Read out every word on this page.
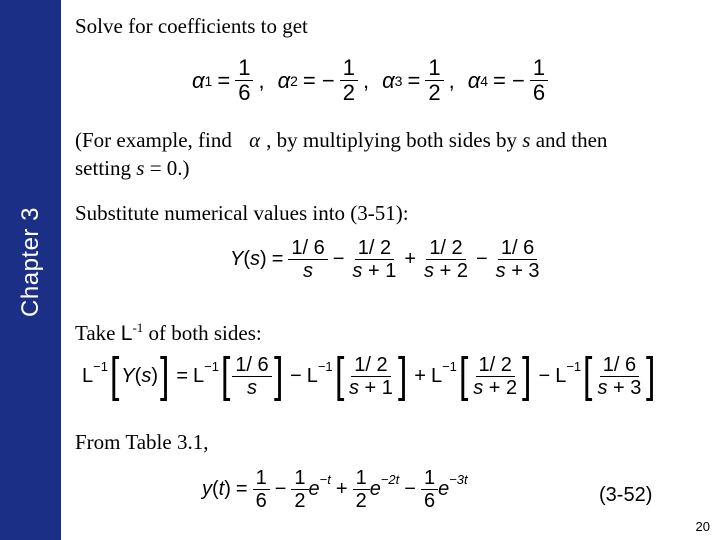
Chapter 3
Solve for coefficients to get
α $1 = \frac{1}{6}$ , α 2 = − $\frac{1}{2}$ , α $3 = \frac{1}{2}$ , α 4 = − $\frac{1}{6}$
(For example, find α , by multiplying both sides by s and then
setting s = 0.)
Substitute numerical values into (3-51):
Y ( s ) = $\frac{1/ 6}{s} - \frac{1/ 2}{s + 1} + \frac{1/ 2}{s + 2} - \frac{1/ 6}{s + 3}$
Take $L^{-1}$ of both sides:
$L^{-1}$ [ Y ( s ) ] = $L^{-1}$ [ $\frac{1/ 6}{s}$ ] − $L^{-1}$ [ $\frac{1/ 2}{s + 1}$ ] + $L^{-1}$ [ $\frac{1/ 2}{s + 2}$ ] − $L^{-1}$ [ $\frac{1/ 6}{s + 3}$ ]
From Table 3.1,
y ( t ) = $\frac{1}{6} - \frac{1}{2} e^{-t} + \frac{1}{2} e^{-2t} - \frac{1}{6} e^{-3t}$
(3-52)
20
